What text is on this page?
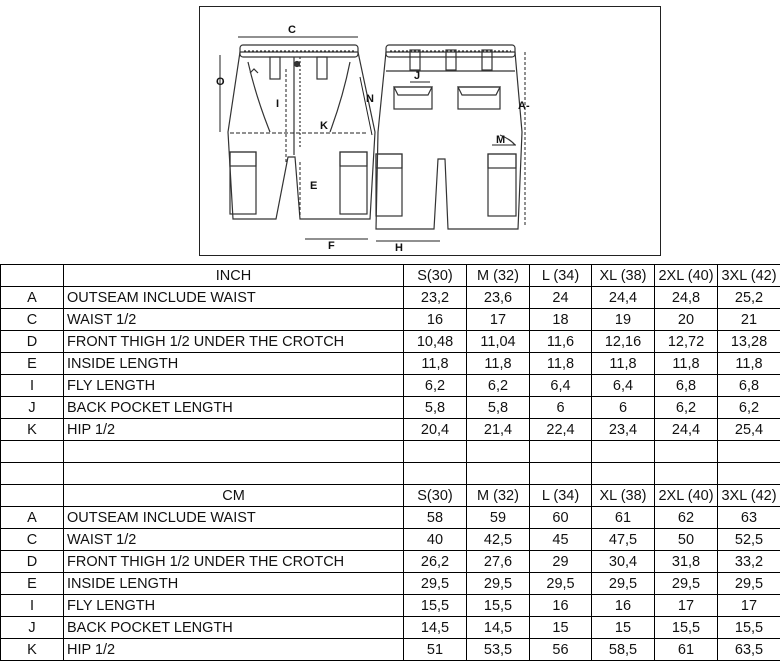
C
O
I
K
N
E
F
J
A-
M
H
	INCH	S(30)	M (32)	L (34)	XL (38)	2XL (40)	3XL (42)
A	OUTSEAM INCLUDE WAIST	23,2	23,6	24	24,4	24,8	25,2
C	WAIST 1/2	16	17	18	19	20	21
D	FRONT THIGH 1/2 UNDER THE CROTCH	10,48	11,04	11,6	12,16	12,72	13,28
E	INSIDE LENGTH	11,8	11,8	11,8	11,8	11,8	11,8
I	FLY LENGTH	6,2	6,2	6,4	6,4	6,8	6,8
J	BACK POCKET LENGTH	5,8	5,8	6	6	6,2	6,2
K	HIP 1/2	20,4	21,4	22,4	23,4	24,4	25,4

	CM	S(30)	M (32)	L (34)	XL (38)	2XL (40)	3XL (42)
A	OUTSEAM INCLUDE WAIST	58	59	60	61	62	63
C	WAIST 1/2	40	42,5	45	47,5	50	52,5
D	FRONT THIGH 1/2 UNDER THE CROTCH	26,2	27,6	29	30,4	31,8	33,2
E	INSIDE LENGTH	29,5	29,5	29,5	29,5	29,5	29,5
I	FLY LENGTH	15,5	15,5	16	16	17	17
J	BACK POCKET LENGTH	14,5	14,5	15	15	15,5	15,5
K	HIP 1/2	51	53,5	56	58,5	61	63,5
